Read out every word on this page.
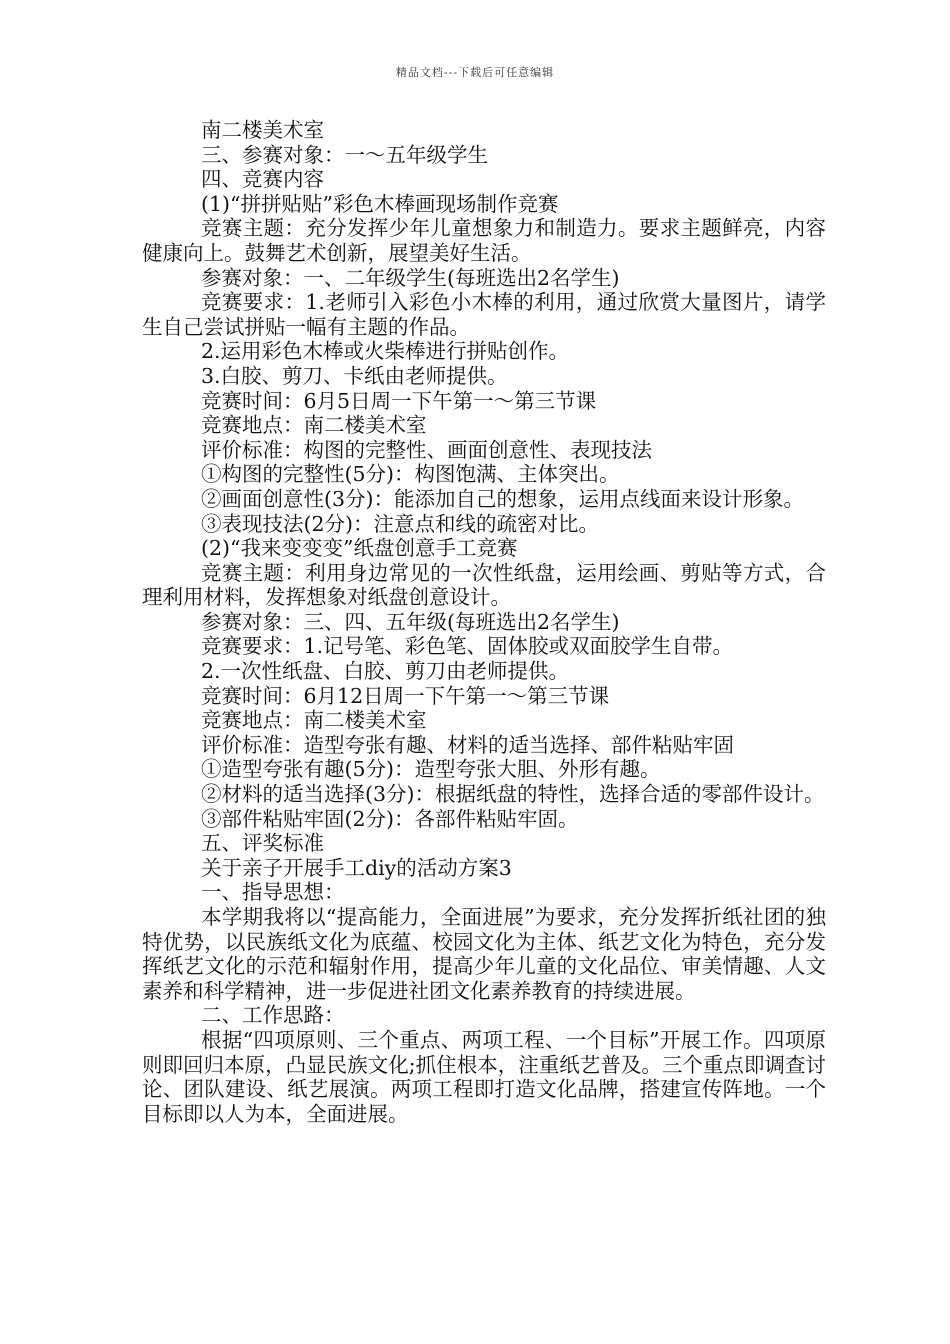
精品文档---下载后可任意编辑

南二楼美术室

三、参赛对象：一～五年级学生

四、竞赛内容

(1)“拼拼贴贴”彩色木棒画现场制作竞赛

竞赛主题：充分发挥少年儿童想象力和制造力。要求主题鲜亮，内容健康向上。鼓舞艺术创新，展望美好生活。

参赛对象：一、二年级学生(每班选出2名学生)

竞赛要求：1.老师引入彩色小木棒的利用，通过欣赏大量图片，请学生自己尝试拼贴一幅有主题的作品。

2.运用彩色木棒或火柴棒进行拼贴创作。

3.白胶、剪刀、卡纸由老师提供。

竞赛时间：6月5日周一下午第一～第三节课

竞赛地点：南二楼美术室

评价标准：构图的完整性、画面创意性、表现技法

①构图的完整性(5分)：构图饱满、主体突出。

②画面创意性(3分)：能添加自己的想象，运用点线面来设计形象。

③表现技法(2分)：注意点和线的疏密对比。

(2)“我来变变变”纸盘创意手工竞赛

竞赛主题：利用身边常见的一次性纸盘，运用绘画、剪贴等方式，合理利用材料，发挥想象对纸盘创意设计。

参赛对象：三、四、五年级(每班选出2名学生)

竞赛要求：1.记号笔、彩色笔、固体胶或双面胶学生自带。

2.一次性纸盘、白胶、剪刀由老师提供。

竞赛时间：6月12日周一下午第一～第三节课

竞赛地点：南二楼美术室

评价标准：造型夸张有趣、材料的适当选择、部件粘贴牢固

①造型夸张有趣(5分)：造型夸张大胆、外形有趣。

②材料的适当选择(3分)：根据纸盘的特性，选择合适的零部件设计。

③部件粘贴牢固(2分)：各部件粘贴牢固。

五、评奖标准

关于亲子开展手工diy的活动方案3

一、指导思想：

本学期我将以“提高能力，全面进展”为要求，充分发挥折纸社团的独特优势，以民族纸文化为底蕴、校园文化为主体、纸艺文化为特色，充分发挥纸艺文化的示范和辐射作用，提高少年儿童的文化品位、审美情趣、人文素养和科学精神，进一步促进社团文化素养教育的持续进展。

二、工作思路：

根据“四项原则、三个重点、两项工程、一个目标”开展工作。四项原则即回归本原，凸显民族文化;抓住根本，注重纸艺普及。三个重点即调查讨论、团队建设、纸艺展演。两项工程即打造文化品牌，搭建宣传阵地。一个目标即以人为本，全面进展。
